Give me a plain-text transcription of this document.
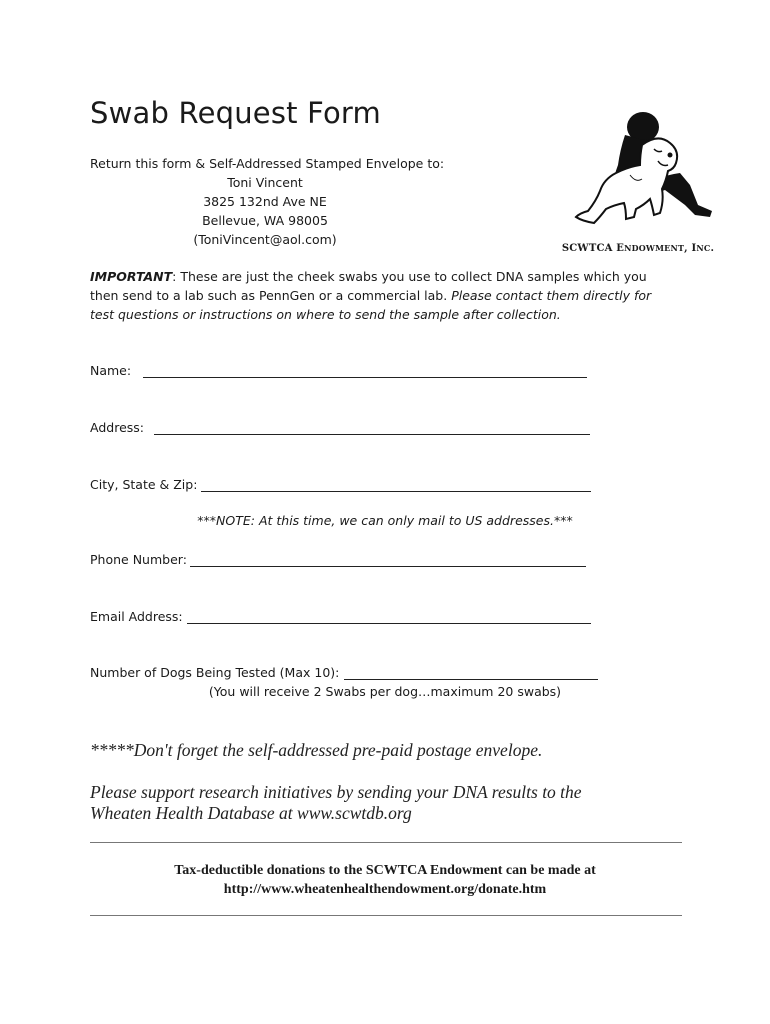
Swab Request Form
Return this form & Self-Addressed Stamped Envelope to:
Toni Vincent
3825 132nd Ave NE
Bellevue, WA 98005
(ToniVincent@aol.com)
SCWTCA ENDOWMENT, INC.
IMPORTANT: These are just the cheek swabs you use to collect DNA samples which you then send to a lab such as PennGen or a commercial lab. Please contact them directly for test questions or instructions on where to send the sample after collection.
Name:
Address:
City, State & Zip:
***NOTE: At this time, we can only mail to US addresses.***
Phone Number:
Email Address:
Number of Dogs Being Tested (Max 10):
(You will receive 2 Swabs per dog…maximum 20 swabs)
*****Don't forget the self-addressed pre-paid postage envelope.
Please support research initiatives by sending your DNA results to the
Wheaten Health Database at www.scwtdb.org
Tax-deductible donations to the SCWTCA Endowment can be made at
http://www.wheatenhealthendowment.org/donate.htm
